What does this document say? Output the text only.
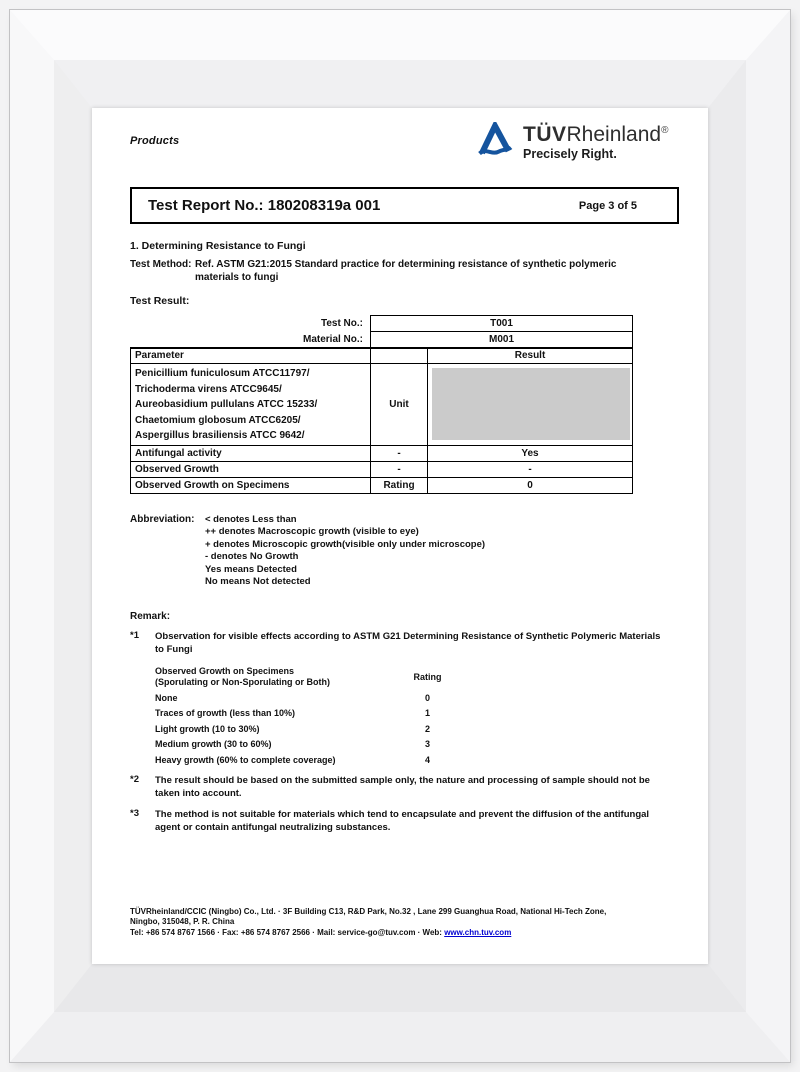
Products	TÜVRheinland®
Precisely Right.
Test Report No.: 180208319a 001	Page 3 of 5
1. Determining Resistance to Fungi
Test Method: Ref. ASTM G21:2015 Standard practice for determining resistance of synthetic polymeric materials to fungi
Test Result:
Test No.:	T001	
Material No.:	M001	
Parameter		Result

Penicillium funiculosum ATCC11797/
Trichoderma virens ATCC9645/
Aureobasidium pullulans ATCC 15233/
Chaetomium globosum ATCC6205/
Aspergillus brasiliensis ATCC 9642/	Unit	

Antifungal activity	-	Yes
Observed Growth	-	-
Observed Growth on Specimens	Rating	0
Abbreviation:	< denotes Less than
++ denotes Macroscopic growth (visible to eye)
+ denotes Microscopic growth(visible only under microscope)
- denotes No Growth
Yes means Detected
No means Not detected
Remark:
*1	Observation for visible effects according to ASTM G21 Determining Resistance of Synthetic Polymeric Materials to Fungi
Observed Growth on Specimens
(Sporulating or Non-Sporulating or Both)	Rating
None	0
Traces of growth (less than 10%)	1
Light growth (10 to 30%)	2
Medium growth (30 to 60%)	3
Heavy growth (60% to complete coverage)	4
*2	The result should be based on the submitted sample only, the nature and processing of sample should not be taken into account.
*3	The method is not suitable for materials which tend to encapsulate and prevent the diffusion of the antifungal agent or contain antifungal neutralizing substances.
TÜVRheinland/CCIC (Ningbo) Co., Ltd. · 3F Building C13, R&D Park, No.32 , Lane 299 Guanghua Road, National Hi-Tech Zone,
Ningbo, 315048, P. R. China
Tel: +86 574 8767 1566 · Fax: +86 574 8767 2566 · Mail: service-go@tuv.com · Web: www.chn.tuv.com
